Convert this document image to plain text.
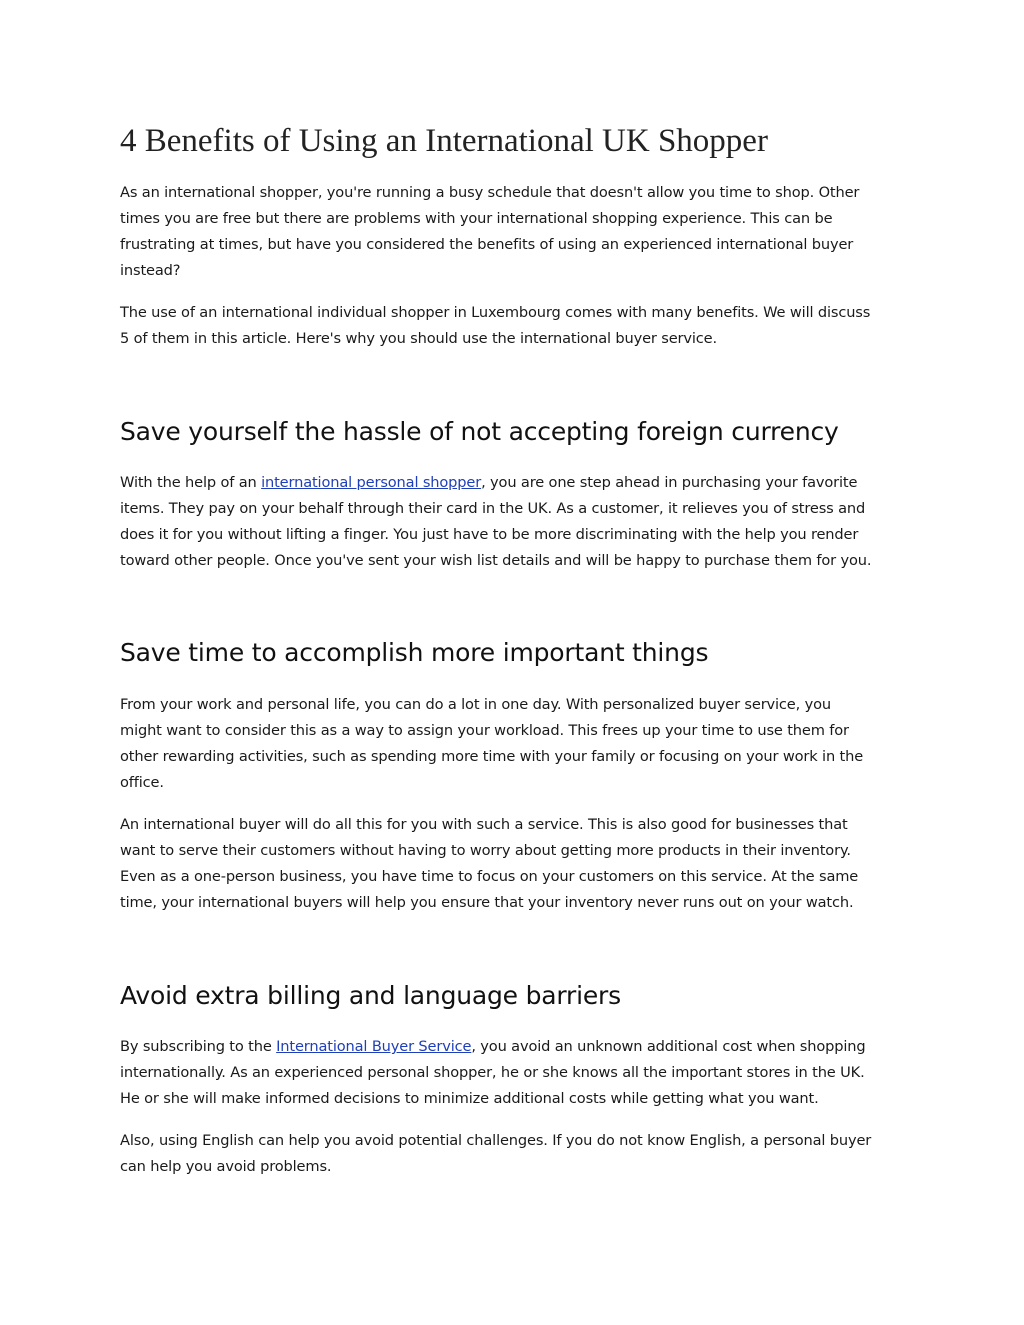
4 Benefits of Using an International UK Shopper

As an international shopper, you're running a busy schedule that doesn't allow you time to shop. Other
times you are free but there are problems with your international shopping experience. This can be
frustrating at times, but have you considered the benefits of using an experienced international buyer
instead?

The use of an international individual shopper in Luxembourg comes with many benefits. We will discuss
5 of them in this article. Here's why you should use the international buyer service.

Save yourself the hassle of not accepting foreign currency

With the help of an international personal shopper, you are one step ahead in purchasing your favorite
items. They pay on your behalf through their card in the UK. As a customer, it relieves you of stress and
does it for you without lifting a finger. You just have to be more discriminating with the help you render
toward other people. Once you've sent your wish list details and will be happy to purchase them for you.

Save time to accomplish more important things

From your work and personal life, you can do a lot in one day. With personalized buyer service, you
might want to consider this as a way to assign your workload. This frees up your time to use them for
other rewarding activities, such as spending more time with your family or focusing on your work in the
office.

An international buyer will do all this for you with such a service. This is also good for businesses that
want to serve their customers without having to worry about getting more products in their inventory.
Even as a one-person business, you have time to focus on your customers on this service. At the same
time, your international buyers will help you ensure that your inventory never runs out on your watch.

Avoid extra billing and language barriers

By subscribing to the International Buyer Service, you avoid an unknown additional cost when shopping
internationally. As an experienced personal shopper, he or she knows all the important stores in the UK.
He or she will make informed decisions to minimize additional costs while getting what you want.

Also, using English can help you avoid potential challenges. If you do not know English, a personal buyer
can help you avoid problems.
